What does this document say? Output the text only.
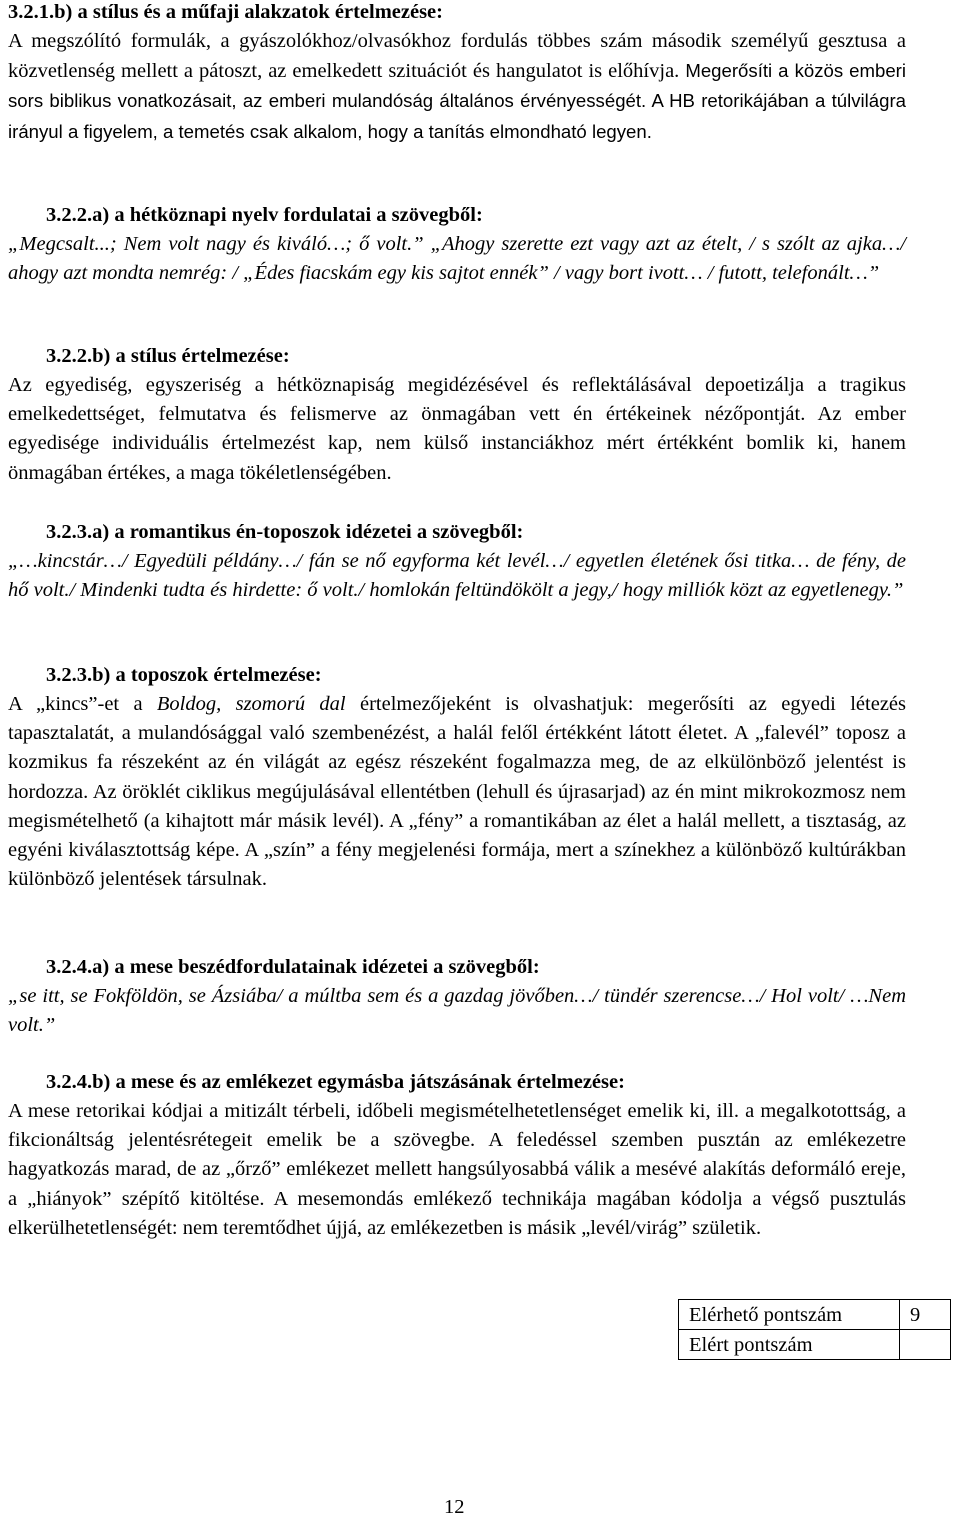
3.2.1.b) a stílus és a műfaji alakzatok értelmezése:

A megszólító formulák, a gyászolókhoz/olvasókhoz fordulás többes szám második személyű gesztusa a közvetlenség mellett a pátoszt, az emelkedett szituációt és hangulatot is előhívja. Megerősíti a közös emberi sors biblikus vonatkozásait, az emberi mulandóság általános érvényességét. A HB retorikájában a túlvilágra irányul a figyelem, a temetés csak alkalom, hogy a tanítás elmondható legyen.

3.2.2.a) a hétköznapi nyelv fordulatai a szövegből:

„Megcsalt...; Nem volt nagy és kiváló…; ő volt.” „Ahogy szerette ezt vagy azt az ételt, / s szólt az ajka…/ ahogy azt mondta nemrég: / „Édes fiacskám egy kis sajtot ennék” / vagy bort ivott… / futott, telefonált…”

3.2.2.b) a stílus értelmezése:

Az egyediség, egyszeriség a hétköznapiság megidézésével és reflektálásával depoetizálja a tragikus emelkedettséget, felmutatva és felismerve az önmagában vett én értékeinek nézőpontját. Az ember egyedisége individuális értelmezést kap, nem külső instanciákhoz mért értékként bomlik ki, hanem önmagában értékes, a maga tökéletlenségében.

3.2.3.a) a romantikus én-toposzok idézetei a szövegből:

„…kincstár…/ Egyedüli példány…/ fán se nő egyforma két levél…/ egyetlen életének ősi titka… de fény, de hő volt./ Mindenki tudta és hirdette: ő volt./ homlokán feltündökölt a jegy,/ hogy milliók közt az egyetlenegy.”

3.2.3.b) a toposzok értelmezése:

A „kincs”-et a Boldog, szomorú dal értelmezőjeként is olvashatjuk: megerősíti az egyedi létezés tapasztalatát, a mulandósággal való szembenézést, a halál felől értékként látott életet. A „falevél” toposz a kozmikus fa részeként az én világát az egész részeként fogalmazza meg, de az elkülönböző jelentést is hordozza. Az öröklét ciklikus megújulásával ellentétben (lehull és újrasarjad) az én mint mikrokozmosz nem megismételhető (a kihajtott már másik levél). A „fény” a romantikában az élet a halál mellett, a tisztaság, az egyéni kiválasztottság képe. A „szín” a fény megjelenési formája, mert a színekhez a különböző kultúrákban különböző jelentések társulnak.

3.2.4.a) a mese beszédfordulatainak idézetei a szövegből:

„se itt, se Fokföldön, se Ázsiába/ a múltba sem és a gazdag jövőben…/ tündér szerencse…/ Hol volt/ …Nem volt.”

3.2.4.b) a mese és az emlékezet egymásba játszásának értelmezése:

A mese retorikai kódjai a mitizált térbeli, időbeli megismételhetetlenséget emelik ki, ill. a megalkotottság, a fikcionáltság jelentésrétegeit emelik be a szövegbe. A feledéssel szemben pusztán az emlékezetre hagyatkozás marad, de az „őrző” emlékezet mellett hangsúlyosabbá válik a mesévé alakítás deformáló ereje, a „hiányok” szépítő kitöltése. A mesemondás emlékező technikája magában kódolja a végső pusztulás elkerülhetetlenségét: nem teremtődhet újjá, az emlékezetben is másik „levél/virág” születik.

Elérhető pontszám	9
Elért pontszám	
12
